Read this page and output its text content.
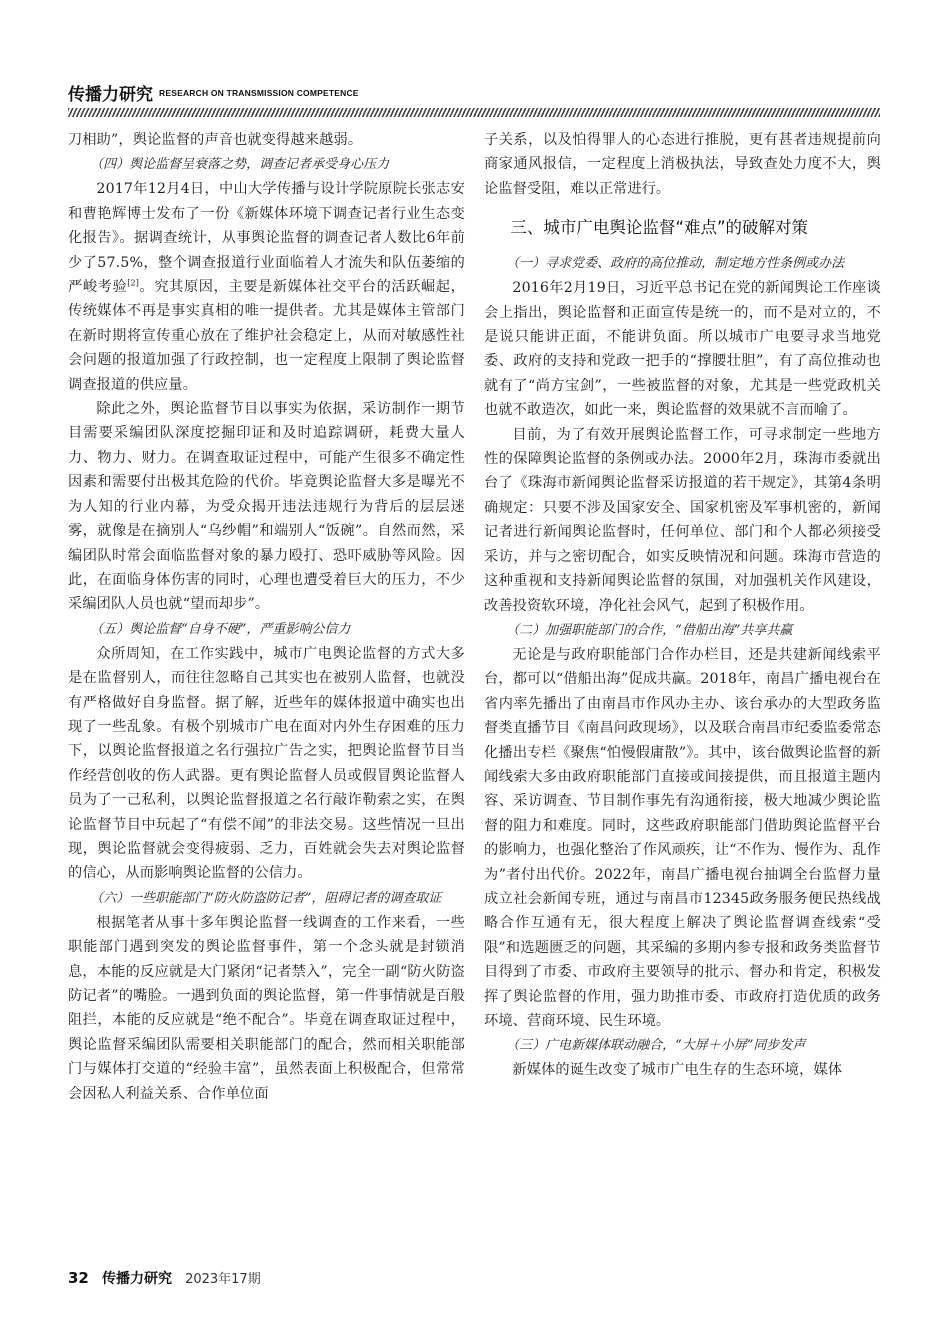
传播力研究 RESEARCH ON TRANSMISSION COMPETENCE

刀相助”，舆论监督的声音也就变得越来越弱。

（四）舆论监督呈衰落之势，调查记者承受身心压力

2017年12月4日，中山大学传播与设计学院原院长张志安和曹艳辉博士发布了一份《新媒体环境下调查记者行业生态变化报告》。据调查统计，从事舆论监督的调查记者人数比6年前少了57.5%，整个调查报道行业面临着人才流失和队伍萎缩的严峻考验[2]。究其原因，主要是新媒体社交平台的活跃崛起，传统媒体不再是事实真相的唯一提供者。尤其是媒体主管部门在新时期将宣传重心放在了维护社会稳定上，从而对敏感性社会问题的报道加强了行政控制，也一定程度上限制了舆论监督调查报道的供应量。

除此之外，舆论监督节目以事实为依据，采访制作一期节目需要采编团队深度挖掘印证和及时追踪调研，耗费大量人力、物力、财力。在调查取证过程中，可能产生很多不确定性因素和需要付出极其危险的代价。毕竟舆论监督大多是曝光不为人知的行业内幕，为受众揭开违法违规行为背后的层层迷雾，就像是在摘别人“乌纱帽”和端别人“饭碗”。自然而然，采编团队时常会面临监督对象的暴力殴打、恐吓威胁等风险。因此，在面临身体伤害的同时，心理也遭受着巨大的压力，不少采编团队人员也就“望而却步”。

（五）舆论监督“自身不硬”，严重影响公信力

众所周知，在工作实践中，城市广电舆论监督的方式大多是在监督别人，而往往忽略自己其实也在被别人监督，也就没有严格做好自身监督。据了解，近些年的媒体报道中确实也出现了一些乱象。有极个别城市广电在面对内外生存困难的压力下，以舆论监督报道之名行强拉广告之实，把舆论监督节目当作经营创收的伤人武器。更有舆论监督人员或假冒舆论监督人员为了一己私利，以舆论监督报道之名行敲诈勒索之实，在舆论监督节目中玩起了“有偿不闻”的非法交易。这些情况一旦出现，舆论监督就会变得疲弱、乏力，百姓就会失去对舆论监督的信心，从而影响舆论监督的公信力。

（六）一些职能部门“防火防盗防记者”，阻碍记者的调查取证

根据笔者从事十多年舆论监督一线调查的工作来看，一些职能部门遇到突发的舆论监督事件，第一个念头就是封锁消息，本能的反应就是大门紧闭“记者禁入”，完全一副“防火防盗防记者”的嘴脸。一遇到负面的舆论监督，第一件事情就是百般阻拦，本能的反应就是“绝不配合”。毕竟在调查取证过程中，舆论监督采编团队需要相关职能部门的配合，然而相关职能部门与媒体打交道的“经验丰富”，虽然表面上积极配合，但常常会因私人利益关系、合作单位面

子关系，以及怕得罪人的心态进行推脱，更有甚者违规提前向商家通风报信，一定程度上消极执法，导致查处力度不大，舆论监督受阻，难以正常进行。

三、城市广电舆论监督“难点”的破解对策
（一）寻求党委、政府的高位推动，制定地方性条例或办法

2016年2月19日，习近平总书记在党的新闻舆论工作座谈会上指出，舆论监督和正面宣传是统一的，而不是对立的，不是说只能讲正面，不能讲负面。所以城市广电要寻求当地党委、政府的支持和党政一把手的“撑腰壮胆”，有了高位推动也就有了“尚方宝剑”，一些被监督的对象，尤其是一些党政机关也就不敢造次，如此一来，舆论监督的效果就不言而喻了。

目前，为了有效开展舆论监督工作，可寻求制定一些地方性的保障舆论监督的条例或办法。2000年2月，珠海市委就出台了《珠海市新闻舆论监督采访报道的若干规定》，其第4条明确规定：只要不涉及国家安全、国家机密及军事机密的，新闻记者进行新闻舆论监督时，任何单位、部门和个人都必须接受采访，并与之密切配合，如实反映情况和问题。珠海市营造的这种重视和支持新闻舆论监督的氛围，对加强机关作风建设，改善投资软环境，净化社会风气，起到了积极作用。

（二）加强职能部门的合作，“借船出海”共享共赢

无论是与政府职能部门合作办栏目，还是共建新闻线索平台，都可以“借船出海”促成共赢。2018年，南昌广播电视台在省内率先播出了由南昌市作风办主办、该台承办的大型政务监督类直播节目《南昌问政现场》，以及联合南昌市纪委监委常态化播出专栏《聚焦“怕慢假庸散”》。其中，该台做舆论监督的新闻线索大多由政府职能部门直接或间接提供，而且报道主题内容、采访调查、节目制作事先有沟通衔接，极大地减少舆论监督的阻力和难度。同时，这些政府职能部门借助舆论监督平台的影响力，也强化整治了作风顽疾，让“不作为、慢作为、乱作为”者付出代价。2022年，南昌广播电视台抽调全台监督力量成立社会新闻专班，通过与南昌市12345政务服务便民热线战略合作互通有无，很大程度上解决了舆论监督调查线索“受限”和选题匮乏的问题，其采编的多期内参专报和政务类监督节目得到了市委、市政府主要领导的批示、督办和肯定，积极发挥了舆论监督的作用，强力助推市委、市政府打造优质的政务环境、营商环境、民生环境。

（三）广电新媒体联动融合，“大屏＋小屏”同步发声

新媒体的诞生改变了城市广电生存的生态环境，媒体

32 传播力研究 2023年17期
